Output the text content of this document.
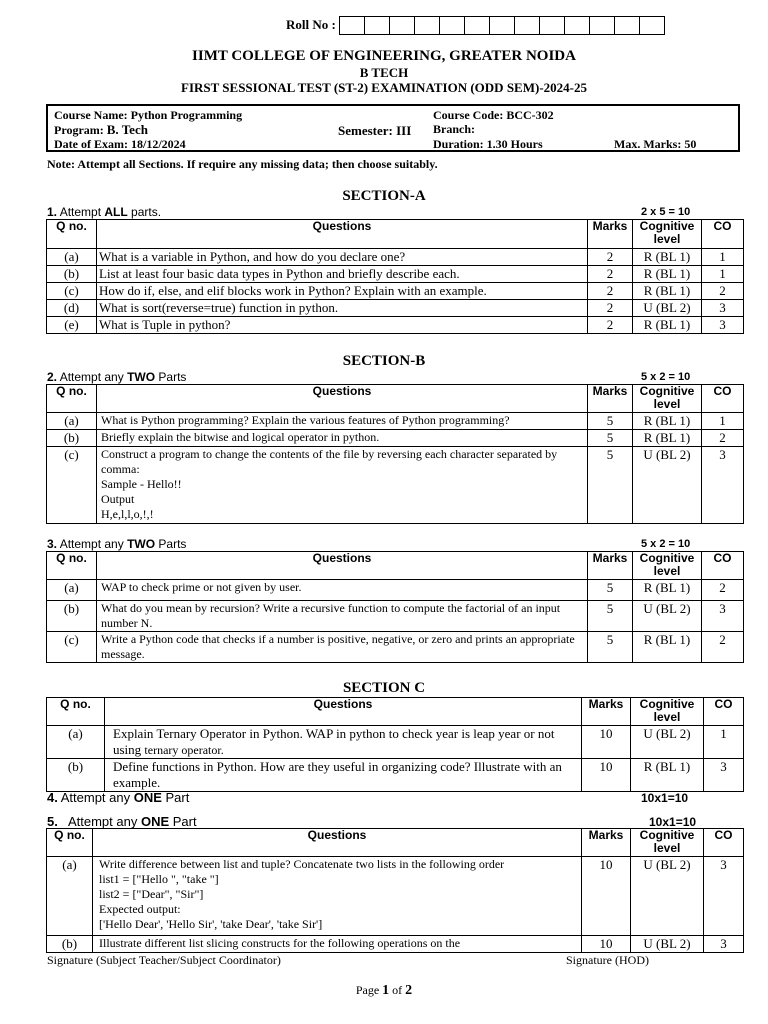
Roll No :
IIMT COLLEGE OF ENGINEERING, GREATER NOIDA
B TECH
FIRST SESSIONAL TEST (ST-2) EXAMINATION (ODD SEM)-2024-25
Course Name: Python Programming
Program: B. Tech
Date of Exam: 18/12/2024
Semester: III
Course Code: BCC-302
Branch:
Duration: 1.30 Hours	Max. Marks: 50
Note: Attempt all Sections. If require any missing data; then choose suitably.
SECTION-A
1. Attempt ALL parts.	2 x 5 = 10
Q no.	Questions	Marks	Cognitive level	CO
(a)	What is a variable in Python, and how do you declare one?	2	R (BL 1)	1
(b)	List at least four basic data types in Python and briefly describe each.	2	R (BL 1)	1
(c)	How do if, else, and elif blocks work in Python? Explain with an example.	2	R (BL 1)	2
(d)	What is sort(reverse=true) function in python.	2	U (BL 2)	3
(e)	What is Tuple in python?	2	R (BL 1)	3
SECTION-B
2. Attempt any TWO Parts	5 x 2 = 10
Q no.	Questions	Marks	Cognitive level	CO
(a)	What is Python programming? Explain the various features of Python programming?	5	R (BL 1)	1
(b)	Briefly explain the bitwise and logical operator in python.	5	R (BL 1)	2
(c)	Construct a program to change the contents of the file by reversing each character separated by comma:
Sample - Hello!!
Output
H,e,l,l,o,!,!	5	U (BL 2)	3
3. Attempt any TWO Parts	5 x 2 = 10
Q no.	Questions	Marks	Cognitive level	CO
(a)	WAP to check prime or not given by user.	5	R (BL 1)	2
(b)	What do you mean by recursion? Write a recursive function to compute the factorial of an input number N.	5	U (BL 2)	3
(c)	Write a Python code that checks if a number is positive, negative, or zero and prints an appropriate message.	5	R (BL 1)	2
SECTION C
Q no.	Questions	Marks	Cognitive level	CO
(a)	Explain Ternary Operator in Python. WAP in python to check year is leap year or not using ternary operator.	10	U (BL 2)	1
(b)	Define functions in Python. How are they useful in organizing code? Illustrate with an example.	10	R (BL 1)	3
4. Attempt any ONE Part	10x1=10
5.   Attempt any ONE Part	10x1=10
Q no.	Questions	Marks	Cognitive level	CO
(a)	Write difference between list and tuple? Concatenate two lists in the following order
list1 = ["Hello ", "take "]
list2 = ["Dear", "Sir"]
Expected output:
['Hello Dear', 'Hello Sir', 'take Dear', 'take Sir']	10	U (BL 2)	3
(b)	Illustrate different list slicing constructs for the following operations on the	10	U (BL 2)	3
Signature (Subject Teacher/Subject Coordinator)	Signature (HOD)
Page 1 of 2
